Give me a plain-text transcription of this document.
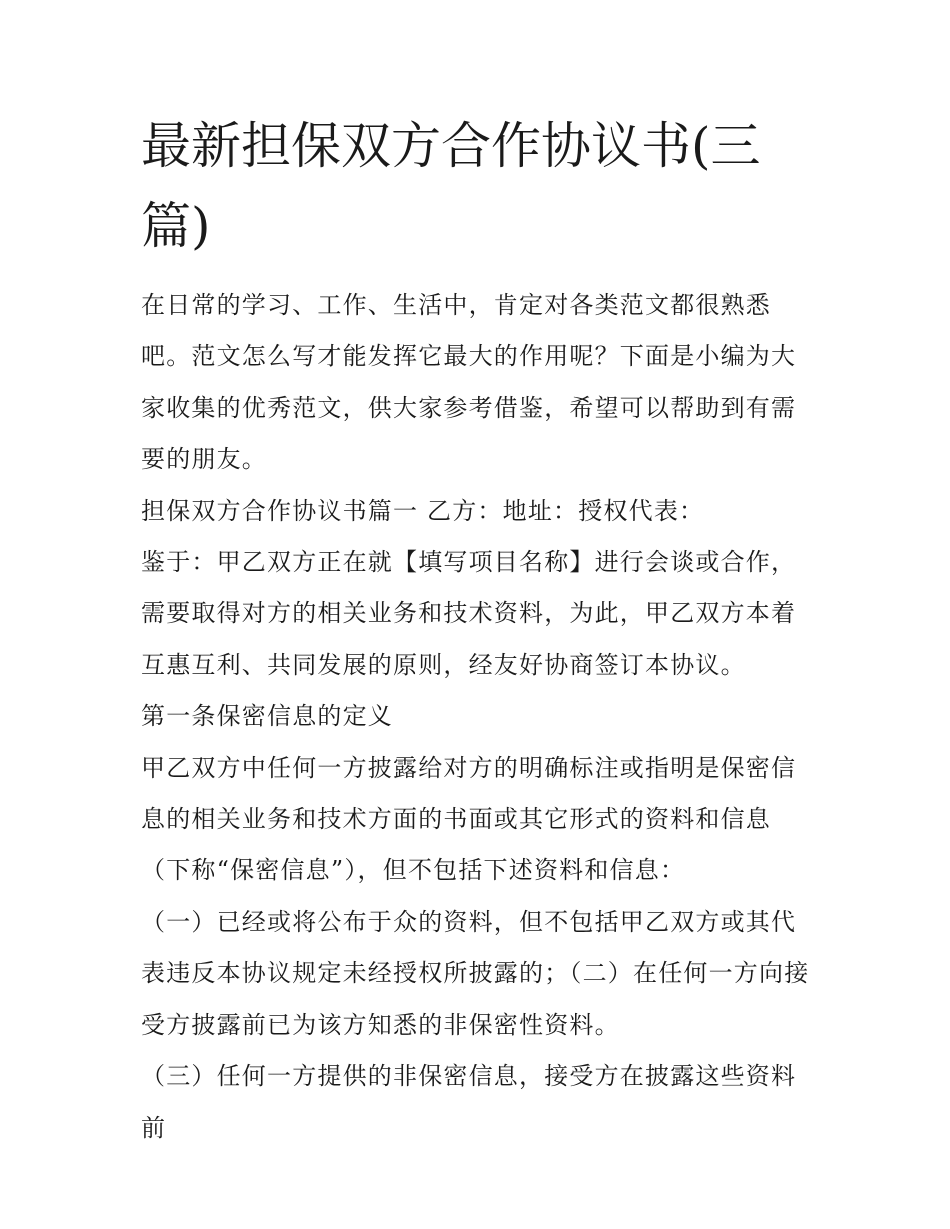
最新担保双方合作协议书(三篇)

在日常的学习、工作、生活中，肯定对各类范文都很熟悉吧。范文怎么写才能发挥它最大的作用呢？下面是小编为大家收集的优秀范文，供大家参考借鉴，希望可以帮助到有需要的朋友。

担保双方合作协议书篇一 乙方：地址：授权代表：

鉴于：甲乙双方正在就【填写项目名称】进行会谈或合作，需要取得对方的相关业务和技术资料，为此，甲乙双方本着互惠互利、共同发展的原则，经友好协商签订本协议。

第一条保密信息的定义

甲乙双方中任何一方披露给对方的明确标注或指明是保密信息的相关业务和技术方面的书面或其它形式的资料和信息（下称“保密信息”），但不包括下述资料和信息：

（一）已经或将公布于众的资料，但不包括甲乙双方或其代表违反本协议规定未经授权所披露的；（二）在任何一方向接受方披露前已为该方知悉的非保密性资料。

（三）任何一方提供的非保密信息，接受方在披露这些资料前
